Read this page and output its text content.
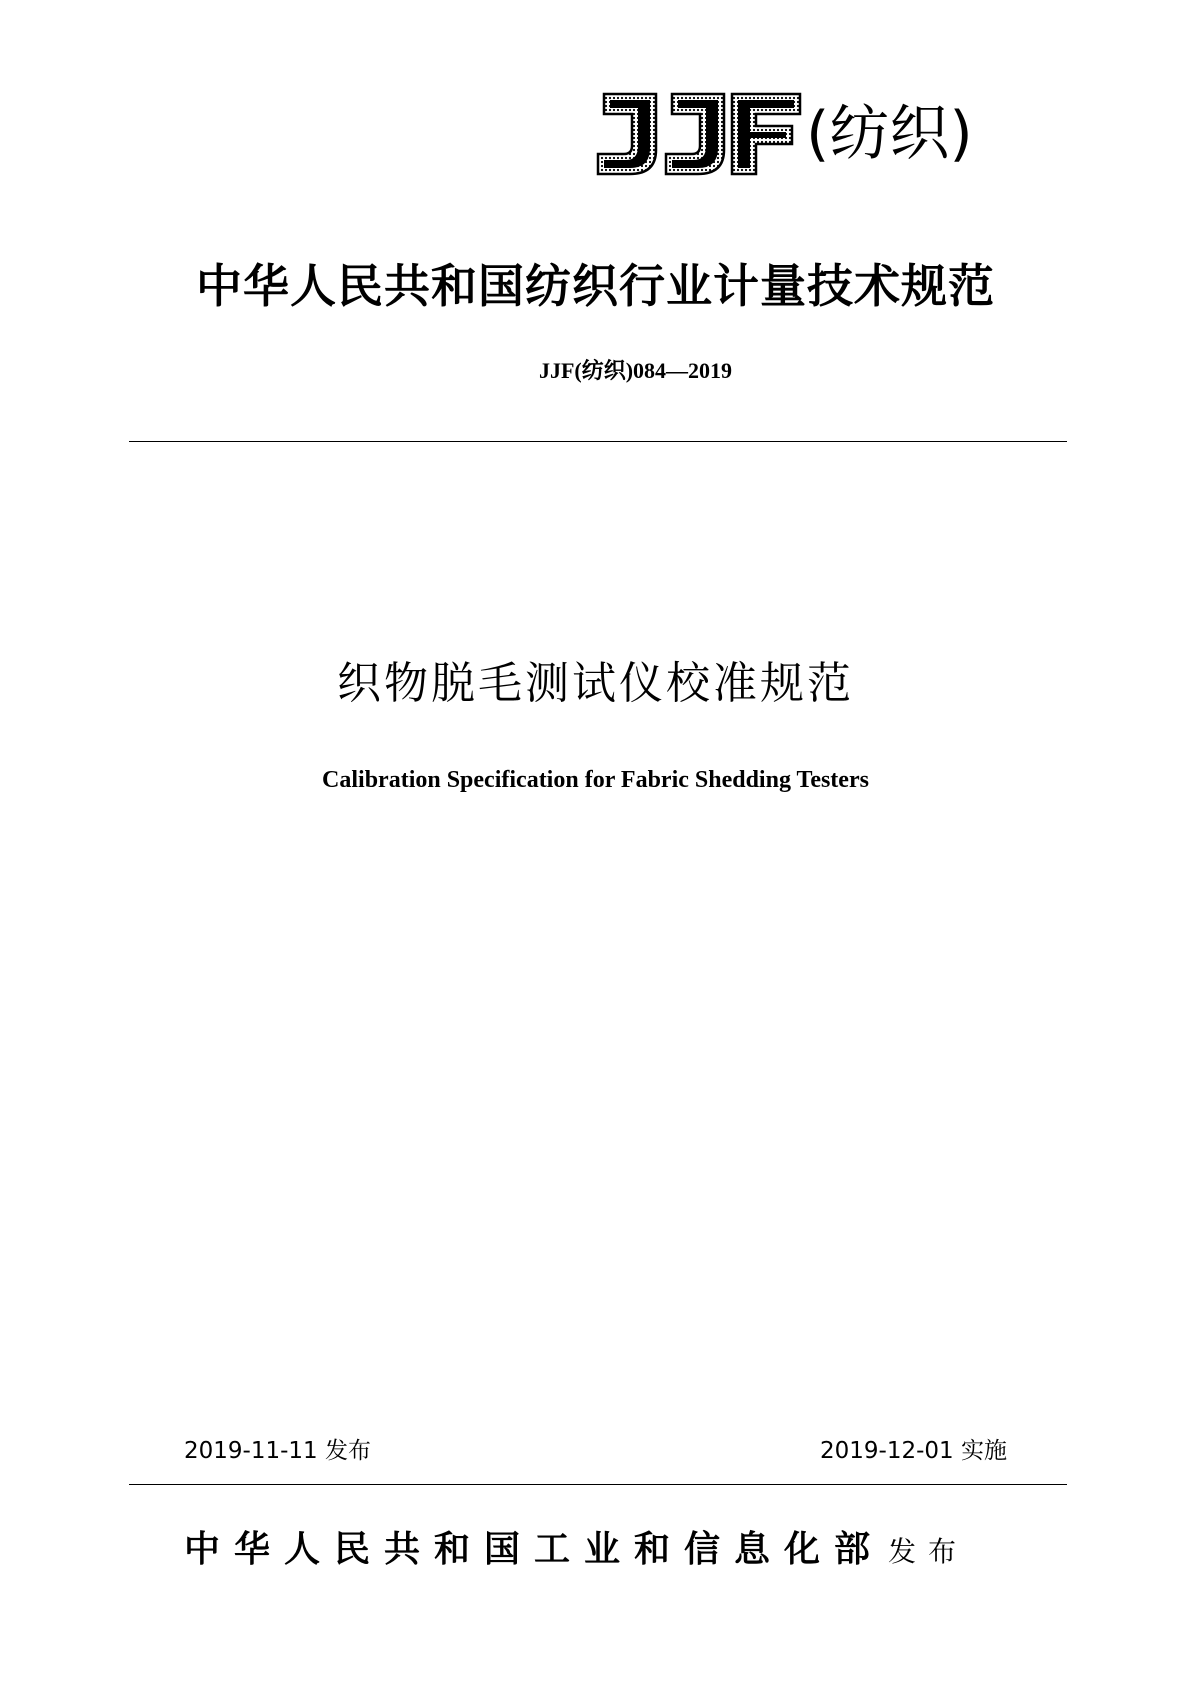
(纺织)
中华人民共和国纺织行业计量技术规范
JJF(纺织)084—2019
织物脱毛测试仪校准规范
Calibration Specification for Fabric Shedding Testers
2019-11-11 发布	2019-12-01 实施
中华人民共和国工业和信息化部 发布
